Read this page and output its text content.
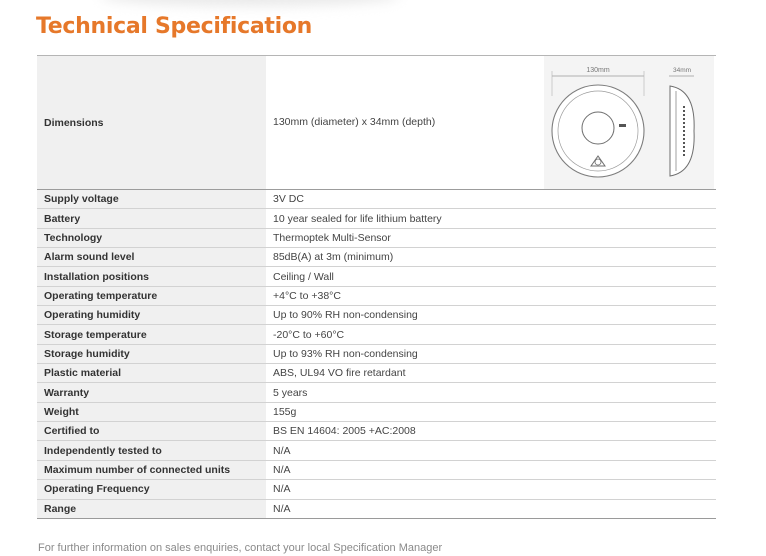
Technical Specification
Dimensions	130mm (diameter) x 34mm (depth)
130mm 34mm

Supply voltage	3V DC
Battery	10 year sealed for life lithium battery
Technology	Thermoptek Multi-Sensor
Alarm sound level	85dB(A) at 3m (minimum)
Installation positions	Ceiling / Wall
Operating temperature	+4°C to +38°C
Operating humidity	Up to 90% RH non-condensing
Storage temperature	-20°C to +60°C
Storage humidity	Up to 93% RH non-condensing
Plastic material	ABS, UL94 VO fire retardant
Warranty	5 years
Weight	155g
Certified to	BS EN 14604: 2005 +AC:2008
Independently tested to	N/A
Maximum number of connected units	N/A
Operating Frequency	N/A
Range	N/A
For further information on sales enquiries, contact your local Specification Manager
